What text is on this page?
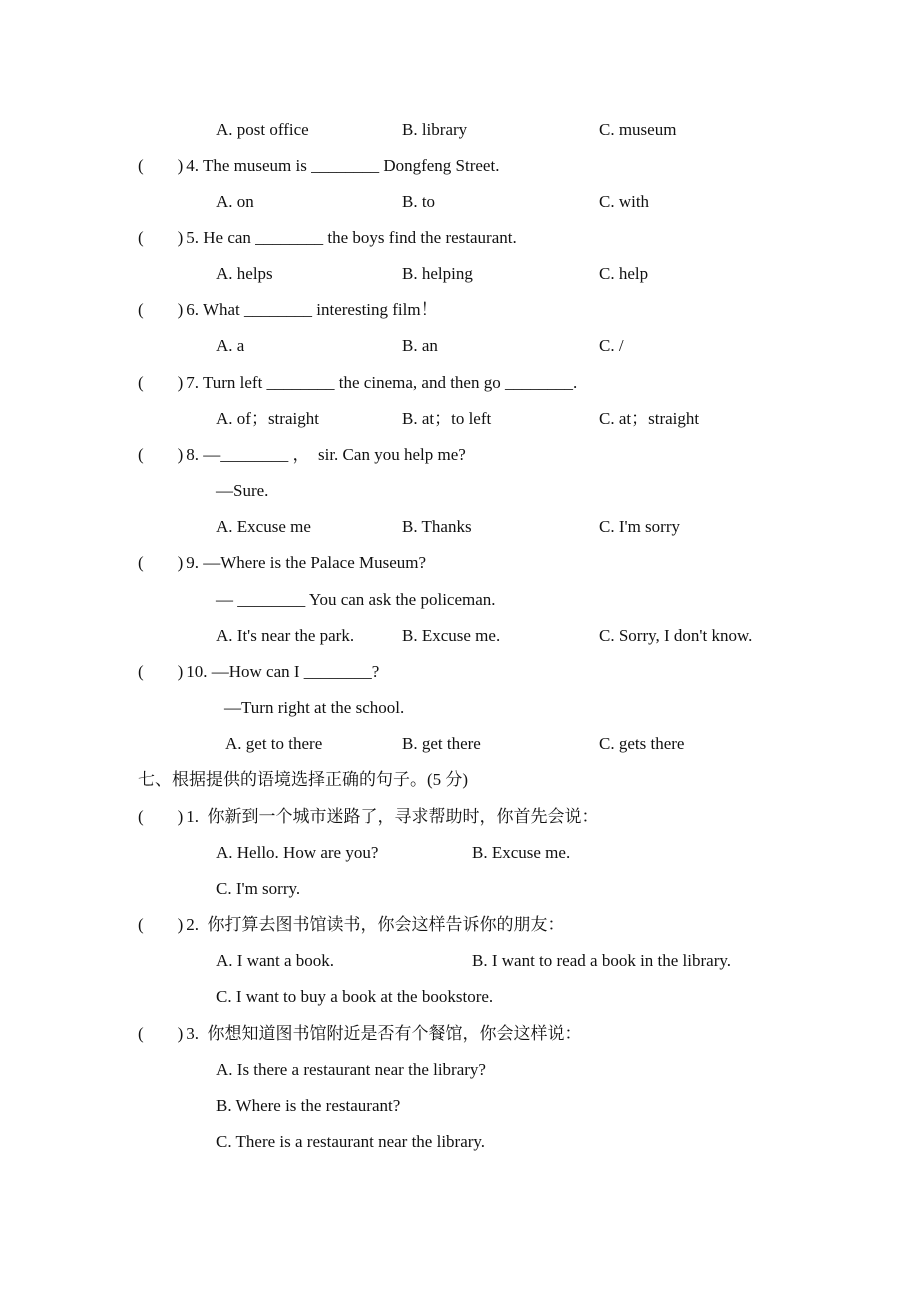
A. post office	B. library	C. museum
(        )
4. The museum is ________ Dongfeng Street.
A. on	B. to	C. with
(        )
5. He can ________ the boys find the restaurant.
A. helps	B. helping	C. help
(        )
6. What ________ interesting film！
A. a	B. an	C. /
(        )
7. Turn left ________ the cinema, and then go ________.
A. of；straight	B. at；to left	C. at；straight
(        )
8. —________ ，  sir. Can you help me?
—Sure.
A. Excuse me	B. Thanks	C. I'm sorry
(        )
9. —Where is the Palace Museum?
— ________ You can ask the policeman.
A. It's near the park.	B. Excuse me.	C. Sorry, I don't know.
(        )
10. —How can I ________?
—Turn right at the school.
A. get to there	B. get there	C. gets there
七、根据提供的语境选择正确的句子。(5 分)
(        )
1.  你新到一个城市迷路了，寻求帮助时，你首先会说：
A. Hello. How are you?	B. Excuse me.
C. I'm sorry.
(        )
2.  你打算去图书馆读书，你会这样告诉你的朋友：
A. I want a book.	B. I want to read a book in the library.
C. I want to buy a book at the bookstore.
(        )
3.  你想知道图书馆附近是否有个餐馆，你会这样说：
A. Is there a restaurant near the library?
B. Where is the restaurant?
C. There is a restaurant near the library.
